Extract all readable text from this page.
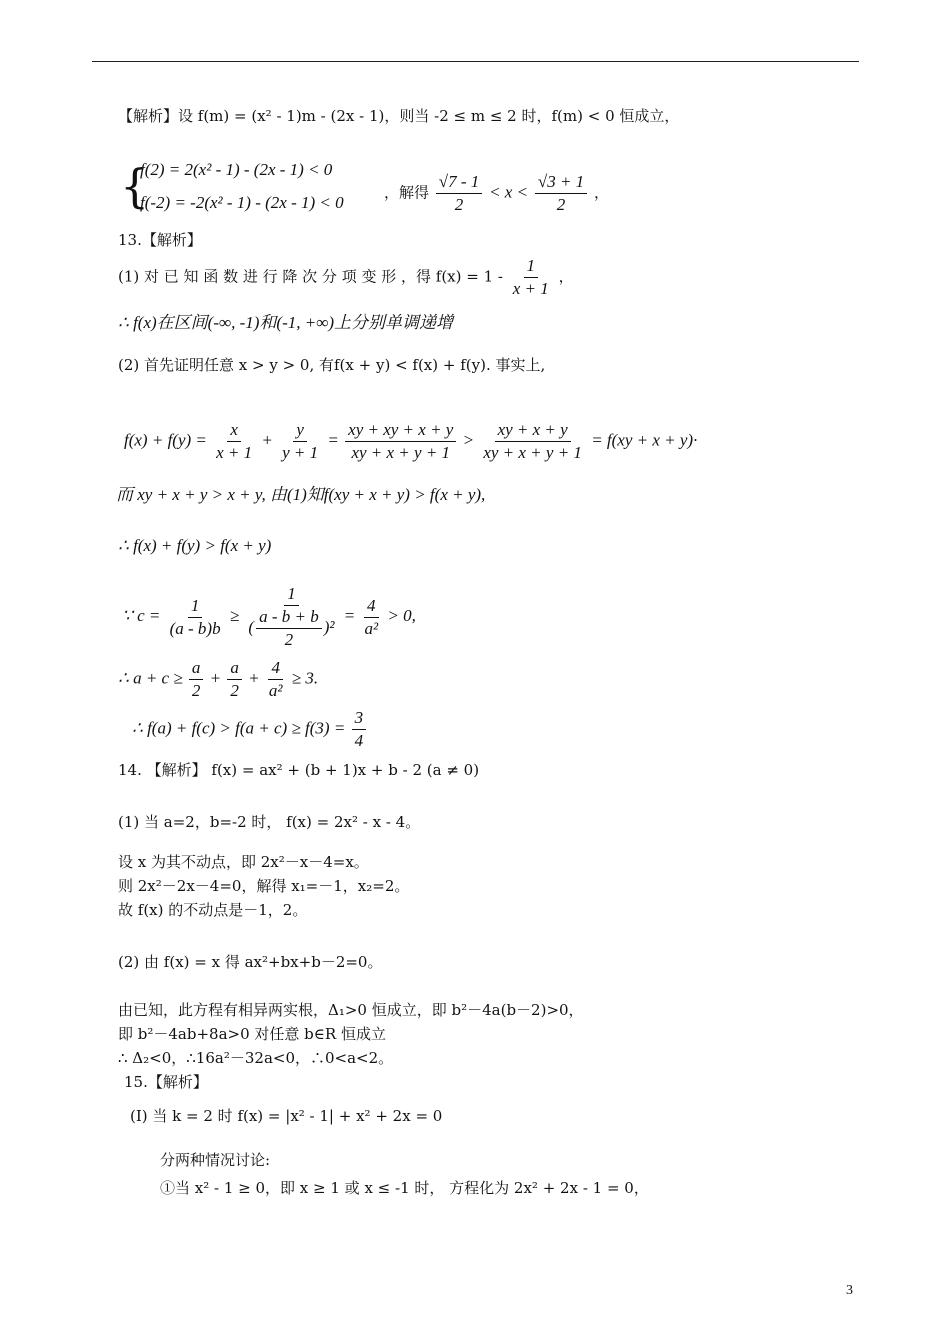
【解析】设 f(m) = (x² - 1)m - (2x - 1)，则当 -2 ≤ m ≤ 2 时，f(m) < 0 恒成立，
{
f(2) = 2(x² - 1) - (2x - 1) < 0
f(-2) = -2(x² - 1) - (2x - 1) < 0
，解得 $\frac{√7 - 1}{2} < x < \frac{√3 + 1}{2}$ ，
13.【解析】
(1) 对 已 知 函 数 进 行 降 次 分 项 变 形 ，得 $f(x) = 1 - \frac{1}{x + 1}$ ，
∴ f(x)在区间(-∞, -1)和(-1, +∞)上分别单调递增
(2) 首先证明任意 x > y > 0, 有f(x + y) < f(x) + f(y). 事实上,
$f(x) + f(y) = \frac{x}{x + 1} + \frac{y}{y + 1} = \frac{xy + xy + x + y}{xy + x + y + 1} > \frac{xy + x + y}{xy + x + y + 1} = f(xy + x + y)\cdot$
而 xy + x + y > x + y, 由(1)知f(xy + x + y) > f(x + y),
∴ f(x) + f(y) > f(x + y)
∵ $c = \frac{1}{(a - b)b} \ge \frac{1}{( \frac{a - b + b}{2} )^2} = \frac{4}{\text{a²}} > 0$,
∴ $a + c \ge \frac{a}{2} + \frac{a}{2} + \frac{4}{\text{a²}} \ge 3$.
∴ $f(a) + f(c) > f(a + c) \ge f(3) = \frac{3}{4}$
14. 【解析】 f(x) = ax² + (b + 1)x + b - 2 (a ≠ 0)
(1) 当 a=2，b=-2 时， f(x) = 2x² - x - 4。
设 x 为其不动点，即 2x²－x－4=x。
则 2x²－2x－4=0，解得 x₁=－1，x₂=2。
故 f(x) 的不动点是－1，2。
(2) 由 f(x) = x 得 ax²+bx+b－2=0。
由已知，此方程有相异两实根，Δ₁>0 恒成立，即 b²－4a(b－2)>0，
即 b²－4ab+8a>0 对任意 b∈R 恒成立
∴ Δ₂<0，∴16a²－32a<0，∴0<a<2。
15.【解析】
(I) 当 k = 2 时 f(x) = |x² - 1| + x² + 2x = 0
分两种情况讨论:
①当 x² - 1 ≥ 0，即 x ≥ 1 或 x ≤ -1 时， 方程化为 2x² + 2x - 1 = 0，
3
